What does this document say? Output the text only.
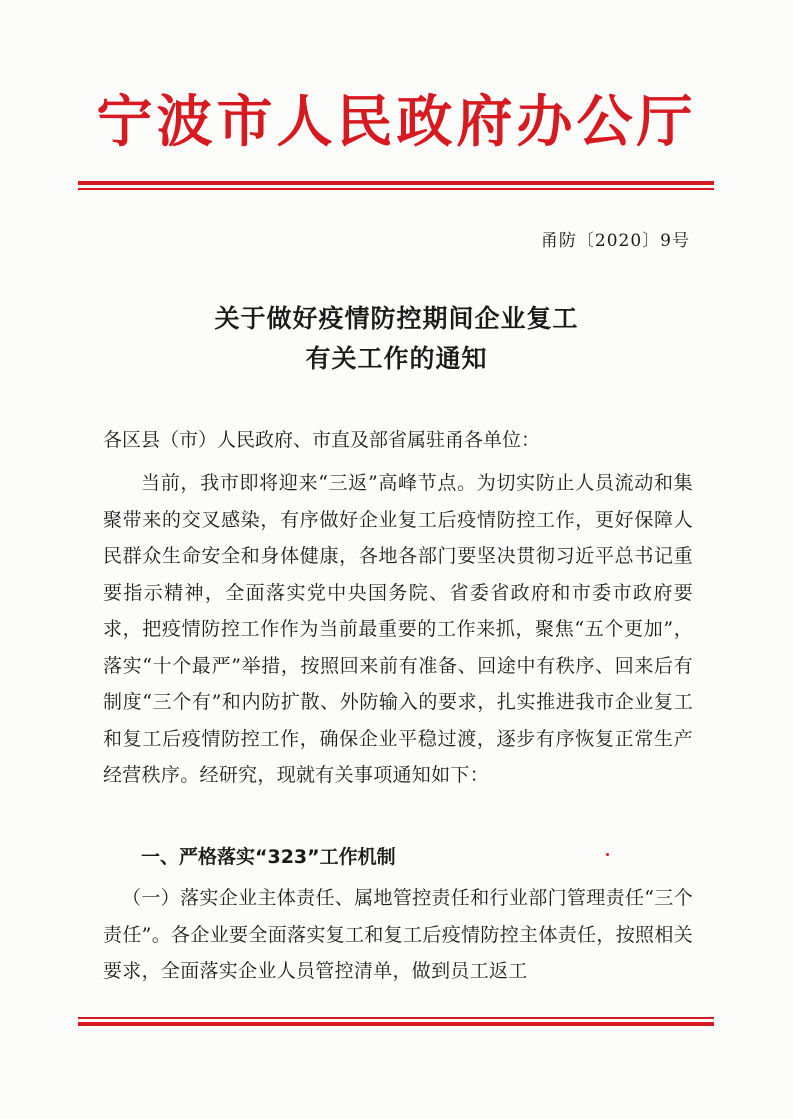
宁波市人民政府办公厅
甬防〔2020〕9号
关于做好疫情防控期间企业复工
有关工作的通知
各区县（市）人民政府、市直及部省属驻甬各单位：

当前，我市即将迎来“三返”高峰节点。为切实防止人员流动和集聚带来的交叉感染，有序做好企业复工后疫情防控工作，更好保障人民群众生命安全和身体健康，各地各部门要坚决贯彻习近平总书记重要指示精神，全面落实党中央国务院、省委省政府和市委市政府要求，把疫情防控工作作为当前最重要的工作来抓，聚焦“五个更加”，落实“十个最严”举措，按照回来前有准备、回途中有秩序、回来后有制度“三个有”和内防扩散、外防输入的要求，扎实推进我市企业复工和复工后疫情防控工作，确保企业平稳过渡，逐步有序恢复正常生产经营秩序。经研究，现就有关事项通知如下：

一、严格落实“323”工作机制

（一）落实企业主体责任、属地管控责任和行业部门管理责任“三个责任”。各企业要全面落实复工和复工后疫情防控主体责任，按照相关要求，全面落实企业人员管控清单，做到员工返工
